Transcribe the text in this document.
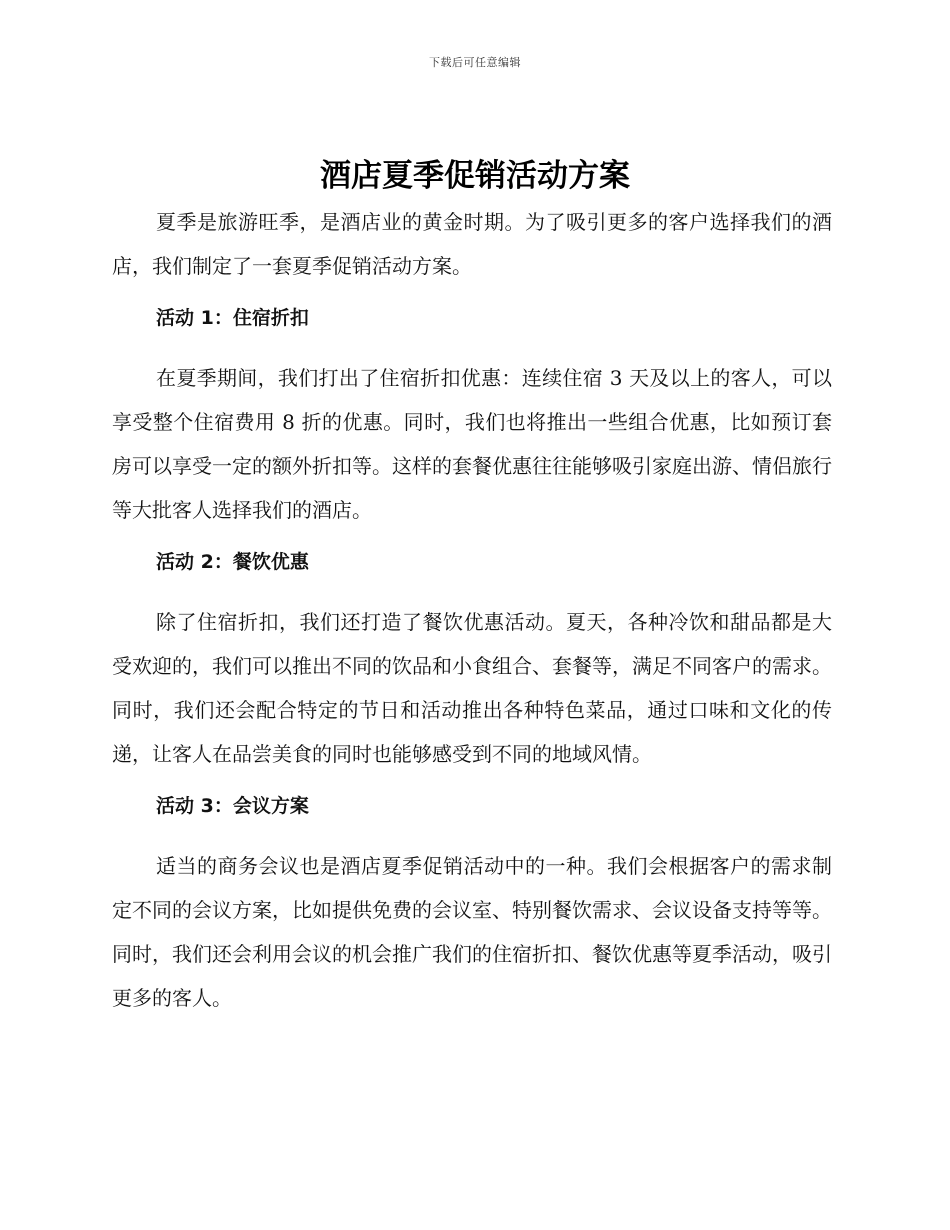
下载后可任意编辑
酒店夏季促销活动方案

夏季是旅游旺季，是酒店业的黄金时期。为了吸引更多的客户选择我们的酒店，我们制定了一套夏季促销活动方案。

活动 1：住宿折扣

在夏季期间，我们打出了住宿折扣优惠：连续住宿 3 天及以上的客人，可以享受整个住宿费用 8 折的优惠。同时，我们也将推出一些组合优惠，比如预订套房可以享受一定的额外折扣等。这样的套餐优惠往往能够吸引家庭出游、情侣旅行等大批客人选择我们的酒店。

活动 2：餐饮优惠

除了住宿折扣，我们还打造了餐饮优惠活动。夏天，各种冷饮和甜品都是大受欢迎的，我们可以推出不同的饮品和小食组合、套餐等，满足不同客户的需求。同时，我们还会配合特定的节日和活动推出各种特色菜品，通过口味和文化的传递，让客人在品尝美食的同时也能够感受到不同的地域风情。

活动 3：会议方案

适当的商务会议也是酒店夏季促销活动中的一种。我们会根据客户的需求制定不同的会议方案，比如提供免费的会议室、特别餐饮需求、会议设备支持等等。同时，我们还会利用会议的机会推广我们的住宿折扣、餐饮优惠等夏季活动，吸引更多的客人。
